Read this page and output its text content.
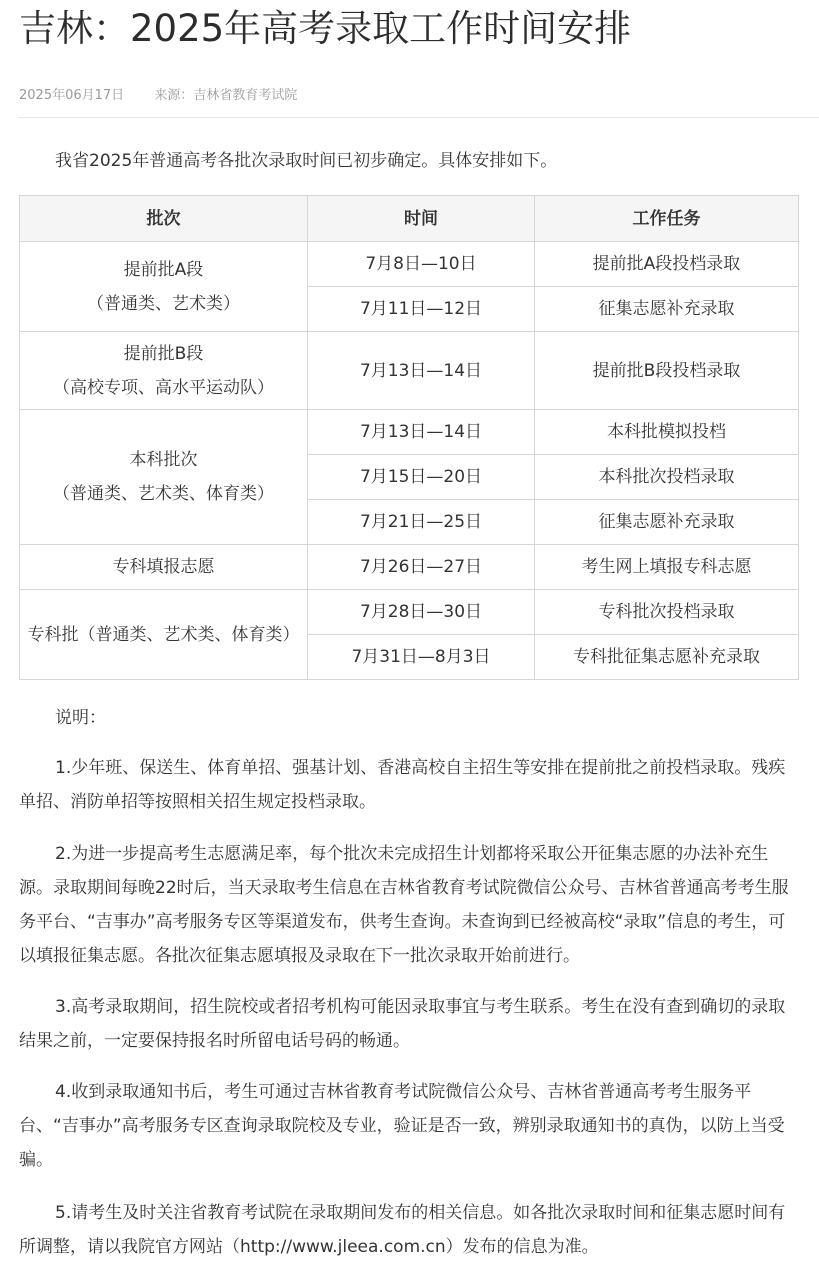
吉林：2025年高考录取工作时间安排
2025年06月17日 来源：吉林省教育考试院
我省2025年普通高考各批次录取时间已初步确定。具体安排如下。
批次	时间	工作任务

提前批A段
（普通类、艺术类）	7月8日—10日	提前批A段投档录取
	7月11日—12日	征集志愿补充录取

提前批B段
（高校专项、高水平运动队）	7月13日—14日	提前批B段投档录取

本科批次
（普通类、艺术类、体育类）	7月13日—14日	本科批模拟投档
	7月15日—20日	本科批次投档录取
	7月21日—25日	征集志愿补充录取
专科填报志愿	7月26日—27日	考生网上填报专科志愿
专科批（普通类、艺术类、体育类）	7月28日—30日	专科批次投档录取
	7月31日—8月3日	专科批征集志愿补充录取
说明：

1.少年班、保送生、体育单招、强基计划、香港高校自主招生等安排在提前批之前投档录取。残疾单招、消防单招等按照相关招生规定投档录取。

2.为进一步提高考生志愿满足率，每个批次未完成招生计划都将采取公开征集志愿的办法补充生源。录取期间每晚22时后，当天录取考生信息在吉林省教育考试院微信公众号、吉林省普通高考考生服务平台、“吉事办”高考服务专区等渠道发布，供考生查询。未查询到已经被高校“录取”信息的考生，可以填报征集志愿。各批次征集志愿填报及录取在下一批次录取开始前进行。

3.高考录取期间，招生院校或者招考机构可能因录取事宜与考生联系。考生在没有查到确切的录取结果之前，一定要保持报名时所留电话号码的畅通。

4.收到录取通知书后，考生可通过吉林省教育考试院微信公众号、吉林省普通高考考生服务平台、“吉事办”高考服务专区查询录取院校及专业，验证是否一致，辨别录取通知书的真伪，以防上当受骗。

5.请考生及时关注省教育考试院在录取期间发布的相关信息。如各批次录取时间和征集志愿时间有所调整，请以我院官方网站（http://www.jleea.com.cn）发布的信息为准。
